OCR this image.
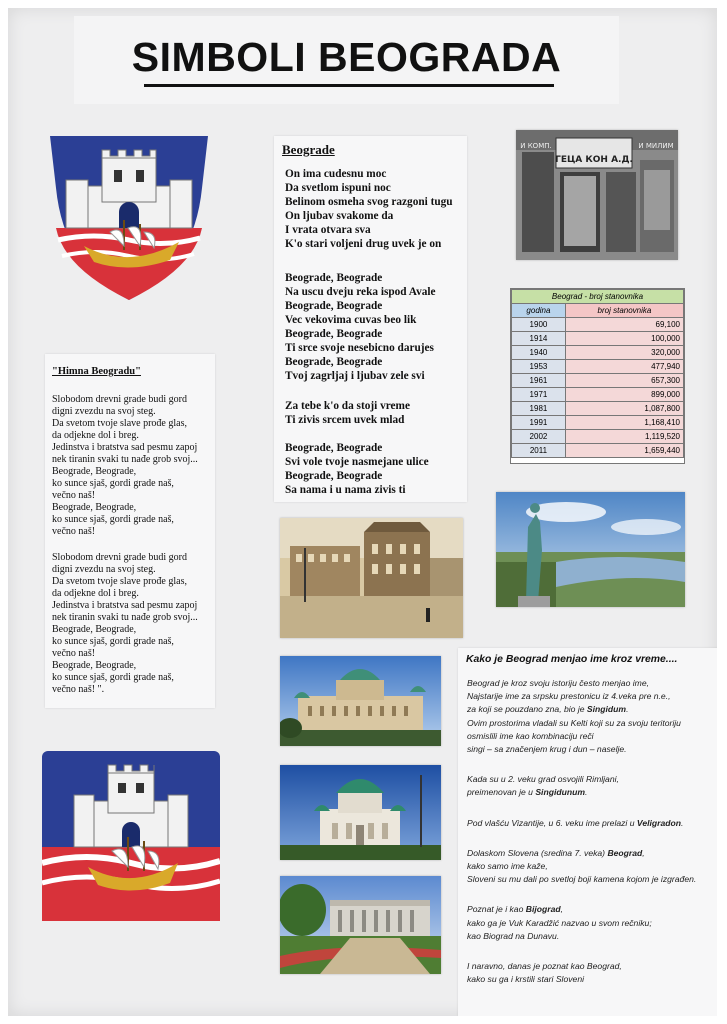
SIMBOLI BEOGRADA
Beograde
On ima cudesnu moc
Da svetlom ispuni noc
Belinom osmeha svog razgoni tugu
On ljubav svakome da
I vrata otvara sva
K'o stari voljeni drug uvek je on
Beograde, Beograde
Na uscu dveju reka ispod Avale
Beograde, Beograde
Vec vekovima cuvas beo lik
Beograde, Beograde
Ti srce svoje nesebicno darujes
Beograde, Beograde
Tvoj zagrljaj i ljubav zele svi
Za tebe k'o da stoji vreme
Ti zivis srcem uvek mlad
Beograde, Beograde
Svi vole tvoje nasmejane ulice
Beograde, Beograde
Sa nama i u nama zivis ti
ГЕЦА КОН А.Д.
И КОМП.	И МИЛИМ
Beograd - broj stanovnika	
godina	broj stanovnika
1900	69,100
1914	100,000
1940	320,000
1953	477,940
1961	657,300
1971	899,000
1981	1,087,800
1991	1,168,410
2002	1,119,520
2011	1,659,440
"Himna Beogradu"
Slobodom drevni grade budi gord
digni zvezdu na svoj steg.
Da svetom tvoje slave prođe glas,
da odjekne dol i breg.
Jedinstva i bratstva sad pesmu zapoj
nek tiranin svaki tu nađe grob svoj...
Beograde, Beograde,
ko sunce sjaš, gordi grade naš,
večno naš!
Beograde, Beograde,
ko sunce sjaš, gordi grade naš,
večno naš!
Slobodom drevni grade budi gord
digni zvezdu na svoj steg.
Da svetom tvoje slave prođe glas,
da odjekne dol i breg.
Jedinstva i bratstva sad pesmu zapoj
nek tiranin svaki tu nađe grob svoj...
Beograde, Beograde,
ko sunce sjaš, gordi grade naš,
večno naš!
Beograde, Beograde,
ko sunce sjaš, gordi grade naš,
večno naš! ".
Kako je Beograd menjao ime kroz vreme....
Beograd je kroz svoju istoriju često menjao ime,
Najstarije ime za srpsku prestonicu iz 4.veka pre n.e.,
za koji se pouzdano zna, bio je Singidum.
Ovim prostorima vladali su Kelti koji su za svoju teritoriju
osmislili ime kao kombinaciju reči
singi – sa značenjem krug i dun – naselje.
Kada su u 2. veku grad osvojili Rimljani,
preimenovan je u Singidunum.
Pod vlašću Vizantije, u 6. veku ime prelazi u Veligradon.
Dolaskom Slovena (sredina 7. veka) Beograd,
kako samo ime kaže,
Sloveni su mu dali po svetloj boji kamena kojom je izgrađen.
Poznat je i kao Bijograd,
kako ga je Vuk Karadžić nazvao u svom rečniku;
kao Biograd na Dunavu.
I naravno, danas je poznat kao Beograd,
kako su ga i krstili stari Sloveni
